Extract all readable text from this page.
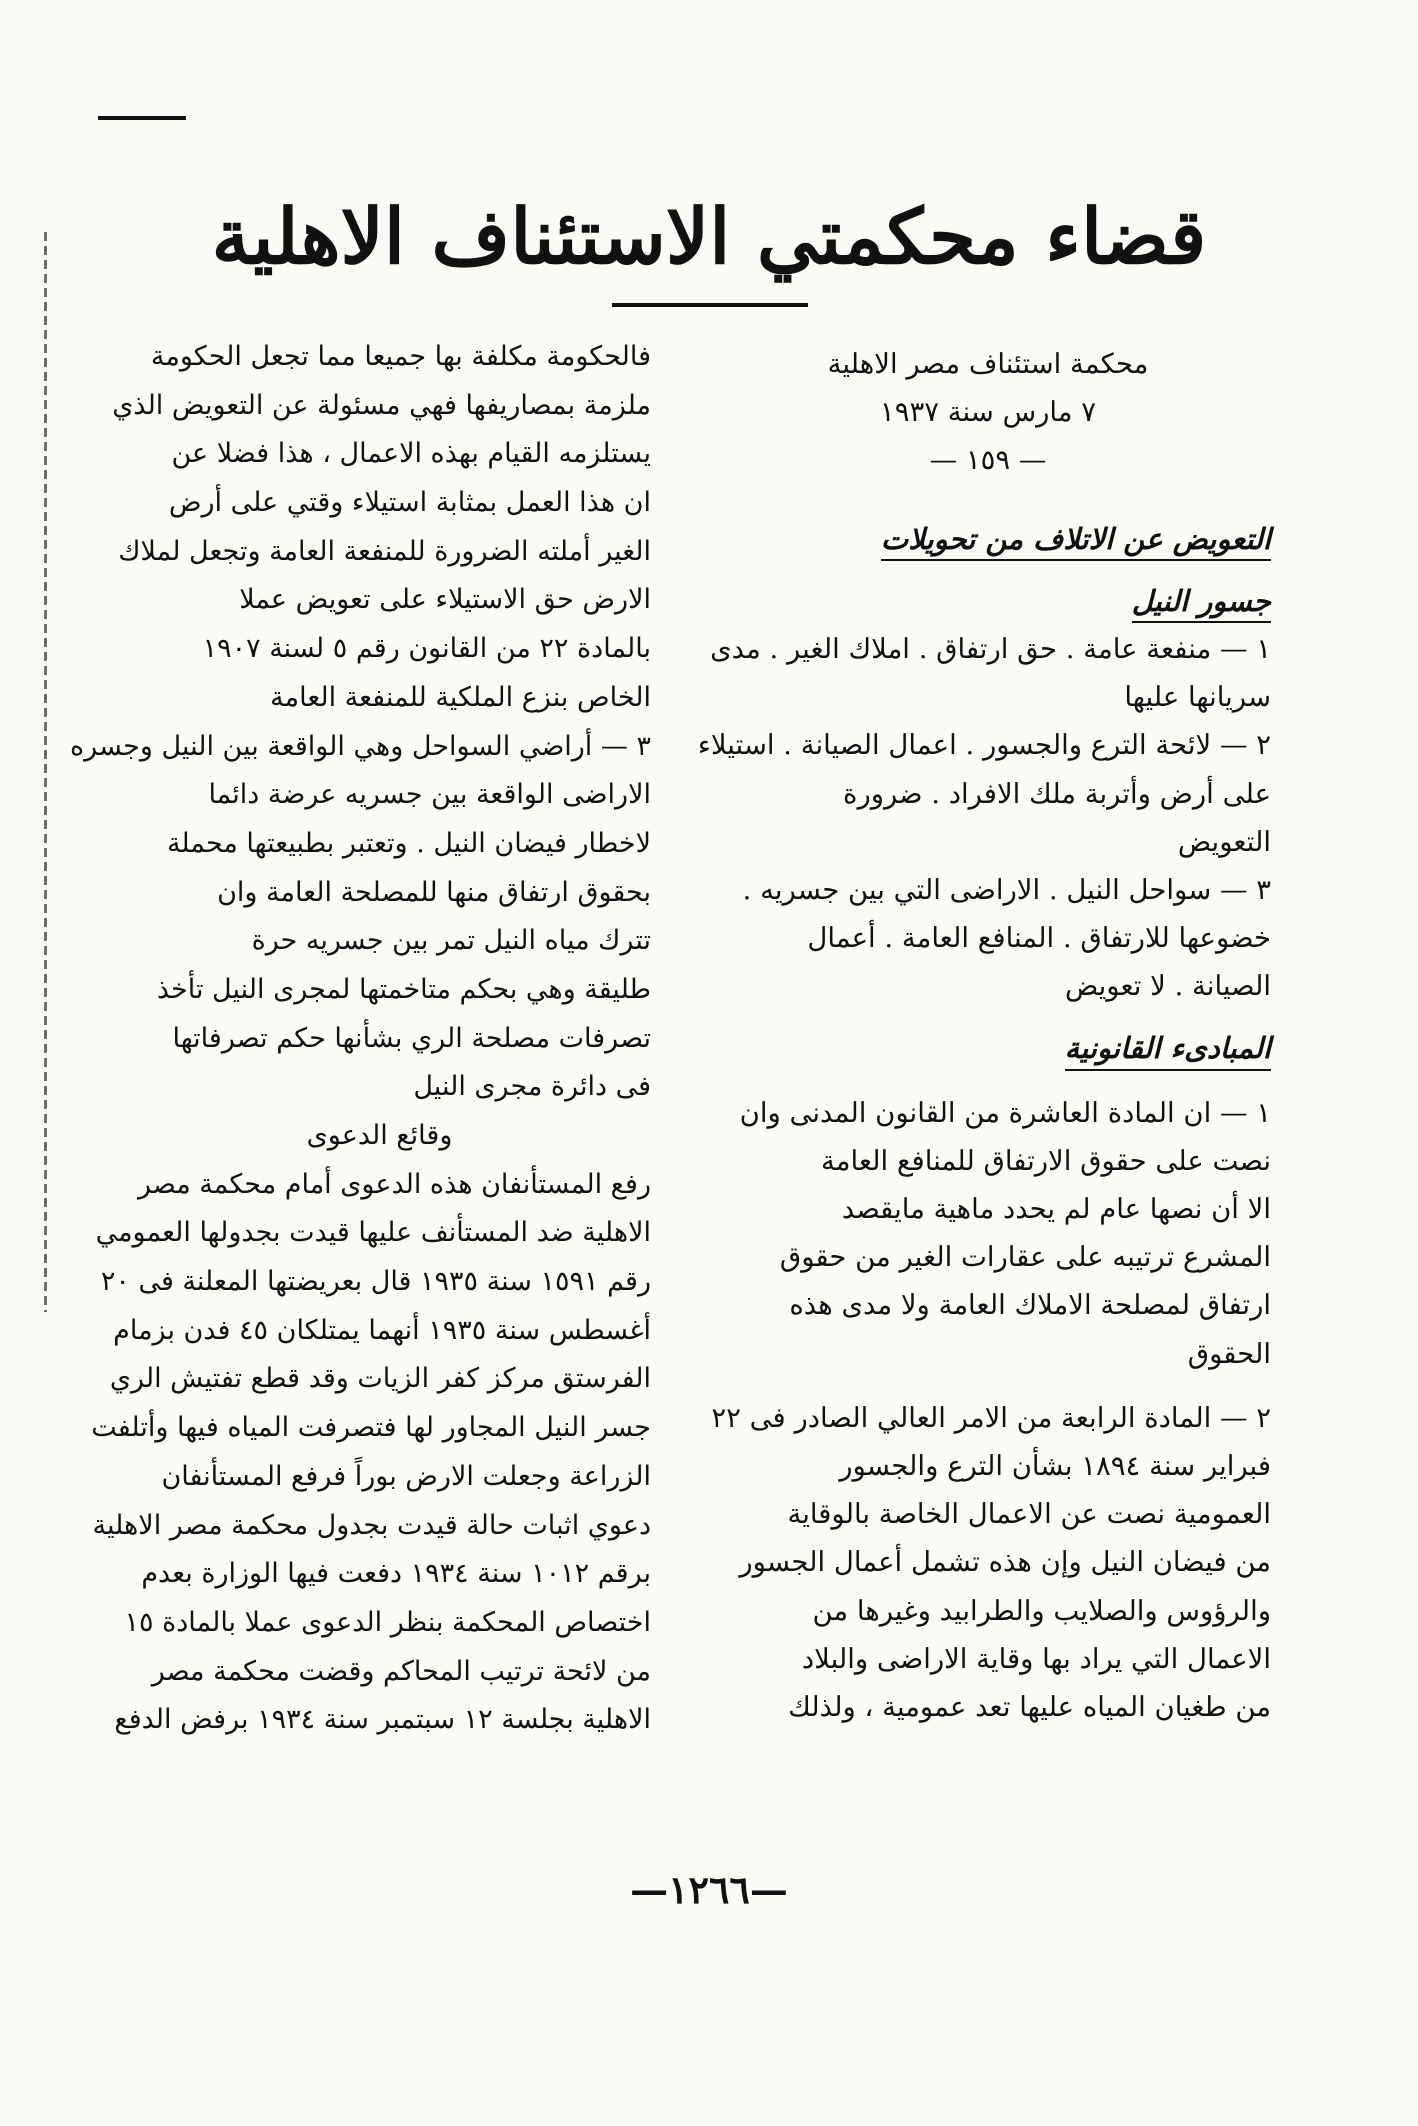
قضاء محكمتي الاستئناف الاهلية
محكمة استئناف مصر الاهلية
٧ مارس سنة ١٩٣٧
— ١٥٩ —
التعويض عن الاتلاف من تحويلات
جسور النيل
١ — منفعة عامة . حق ارتفاق . املاك الغير . مدى
سريانها عليها
٢ — لائحة الترع والجسور . اعمال الصيانة . استيلاء
على أرض وأتربة ملك الافراد . ضرورة
التعويض
٣ — سواحل النيل . الاراضى التي بين جسريه .
خضوعها للارتفاق . المنافع العامة . أعمال
الصيانة . لا تعويض
المبادىء القانونية
١ — ان المادة العاشرة من القانون المدنى وان
نصت على حقوق الارتفاق للمنافع العامة
الا أن نصها عام لم يحدد ماهية مايقصد
المشرع ترتيبه على عقارات الغير من حقوق
ارتفاق لمصلحة الاملاك العامة ولا مدى هذه
الحقوق
٢ — المادة الرابعة من الامر العالي الصادر فى ٢٢
فبراير سنة ١٨٩٤ بشأن الترع والجسور
العمومية نصت عن الاعمال الخاصة بالوقاية
من فيضان النيل وإن هذه تشمل أعمال الجسور
والرؤوس والصلايب والطرابيد وغيرها من
الاعمال التي يراد بها وقاية الاراضى والبلاد
من طغيان المياه عليها تعد عمومية ، ولذلك
فالحكومة مكلفة بها جميعا مما تجعل الحكومة
ملزمة بمصاريفها فهي مسئولة عن التعويض الذي
يستلزمه القيام بهذه الاعمال ، هذا فضلا عن
ان هذا العمل بمثابة استيلاء وقتي على أرض
الغير أملته الضرورة للمنفعة العامة وتجعل لملاك
الارض حق الاستيلاء على تعويض عملا
بالمادة ٢٢ من القانون رقم ٥ لسنة ١٩٠٧
الخاص بنزع الملكية للمنفعة العامة
٣ — أراضي السواحل وهي الواقعة بين النيل وجسره
الاراضى الواقعة بين جسريه عرضة دائما
لاخطار فيضان النيل . وتعتبر بطبيعتها محملة
بحقوق ارتفاق منها للمصلحة العامة وان
تترك مياه النيل تمر بين جسريه حرة
طليقة وهي بحكم متاخمتها لمجرى النيل تأخذ
تصرفات مصلحة الري بشأنها حكم تصرفاتها
فى دائرة مجرى النيل
وقائع الدعوى
رفع المستأنفان هذه الدعوى أمام محكمة مصر
الاهلية ضد المستأنف عليها قيدت بجدولها العمومي
رقم ١٥٩١ سنة ١٩٣٥ قال بعريضتها المعلنة فى ٢٠
أغسطس سنة ١٩٣٥ أنهما يمتلكان ٤٥ فدن بزمام
الفرستق مركز كفر الزيات وقد قطع تفتيش الري
جسر النيل المجاور لها فتصرفت المياه فيها وأتلفت
الزراعة وجعلت الارض بوراً فرفع المستأنفان
دعوي اثبات حالة قيدت بجدول محكمة مصر الاهلية
برقم ١٠١٢ سنة ١٩٣٤ دفعت فيها الوزارة بعدم
اختصاص المحكمة بنظر الدعوى عملا بالمادة ١٥
من لائحة ترتيب المحاكم وقضت محكمة مصر
الاهلية بجلسة ١٢ سبتمبر سنة ١٩٣٤ برفض الدفع
—١٢٦٦—
